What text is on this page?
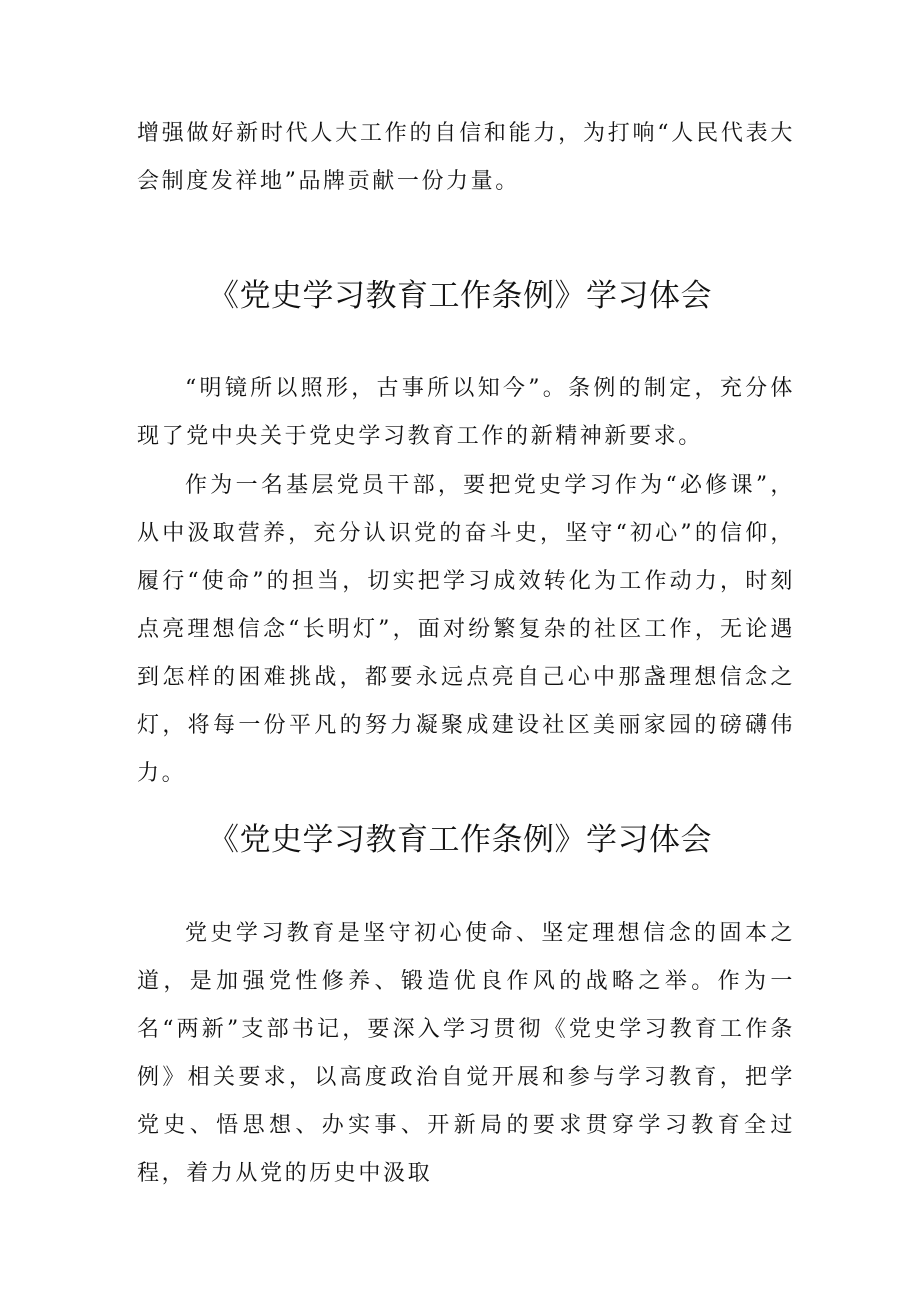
增强做好新时代人大工作的自信和能力，为打响“人民代表大会制度发祥地”品牌贡献一份力量。

《党史学习教育工作条例》学习体会

“明镜所以照形，古事所以知今”。条例的制定，充分体现了党中央关于党史学习教育工作的新精神新要求。

作为一名基层党员干部，要把党史学习作为“必修课”，从中汲取营养，充分认识党的奋斗史，坚守“初心”的信仰，履行“使命”的担当，切实把学习成效转化为工作动力，时刻点亮理想信念“长明灯”，面对纷繁复杂的社区工作，无论遇到怎样的困难挑战，都要永远点亮自己心中那盏理想信念之灯，将每一份平凡的努力凝聚成建设社区美丽家园的磅礴伟力。

《党史学习教育工作条例》学习体会

党史学习教育是坚守初心使命、坚定理想信念的固本之道，是加强党性修养、锻造优良作风的战略之举。作为一名“两新”支部书记，要深入学习贯彻《党史学习教育工作条例》相关要求，以高度政治自觉开展和参与学习教育，把学党史、悟思想、办实事、开新局的要求贯穿学习教育全过程，着力从党的历史中汲取
